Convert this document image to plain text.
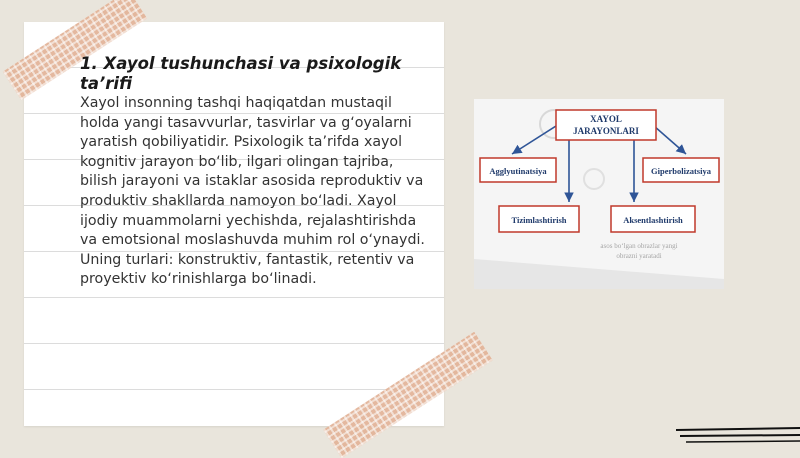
1. Xayol tushunchasi va psixologik ta’rifi

Xayol insonning tashqi haqiqatdan mustaqil holda yangi tasavvurlar, tasvirlar va g‘oyalarni yaratish qobiliyatidir. Psixologik ta’rifda xayol kognitiv jarayon bo‘lib, ilgari olingan tajriba, bilish jarayoni va istaklar asosida reproduktiv va produktiv shakllarda namoyon bo‘ladi. Xayol ijodiy muammolarni yechishda, rejalashtirishda va emotsional moslashuvda muhim rol o‘ynaydi. Uning turlari: konstruktiv, fantastik, retentiv va proyektiv ko‘rinishlarga bo‘linadi.

XAYOL
JARAYONLARI
Agglyutinatsiya	Giperbolizatsiya
Tizimlashtirish	Aksentlashtirish
asos bo‘lgan obrazlar yangi
obrazni yaratadi
